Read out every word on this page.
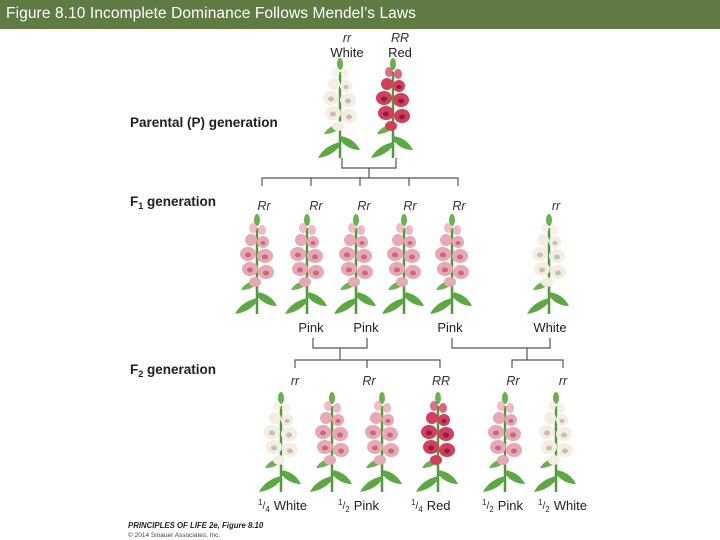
Figure 8.10 Incomplete Dominance Follows Mendel’s Laws
Parental (P) generation
$F_1$ generation
$F_2$ generation
rr
White
RR
Red
Rr	Rr	Rr	Rr	Rr	rr
Pink Pink	Pink	White
rr	Rr	RR	Rr	rr
$^1_{/4}$ White	$^1_{/2}$ Pink	$^1_{/4}$ Red	$^1_{/2}$ Pink $^1_{/2}$ White
PRINCIPLES OF LIFE 2e, Figure 8.10
© 2014 Sinauer Associates, Inc.
